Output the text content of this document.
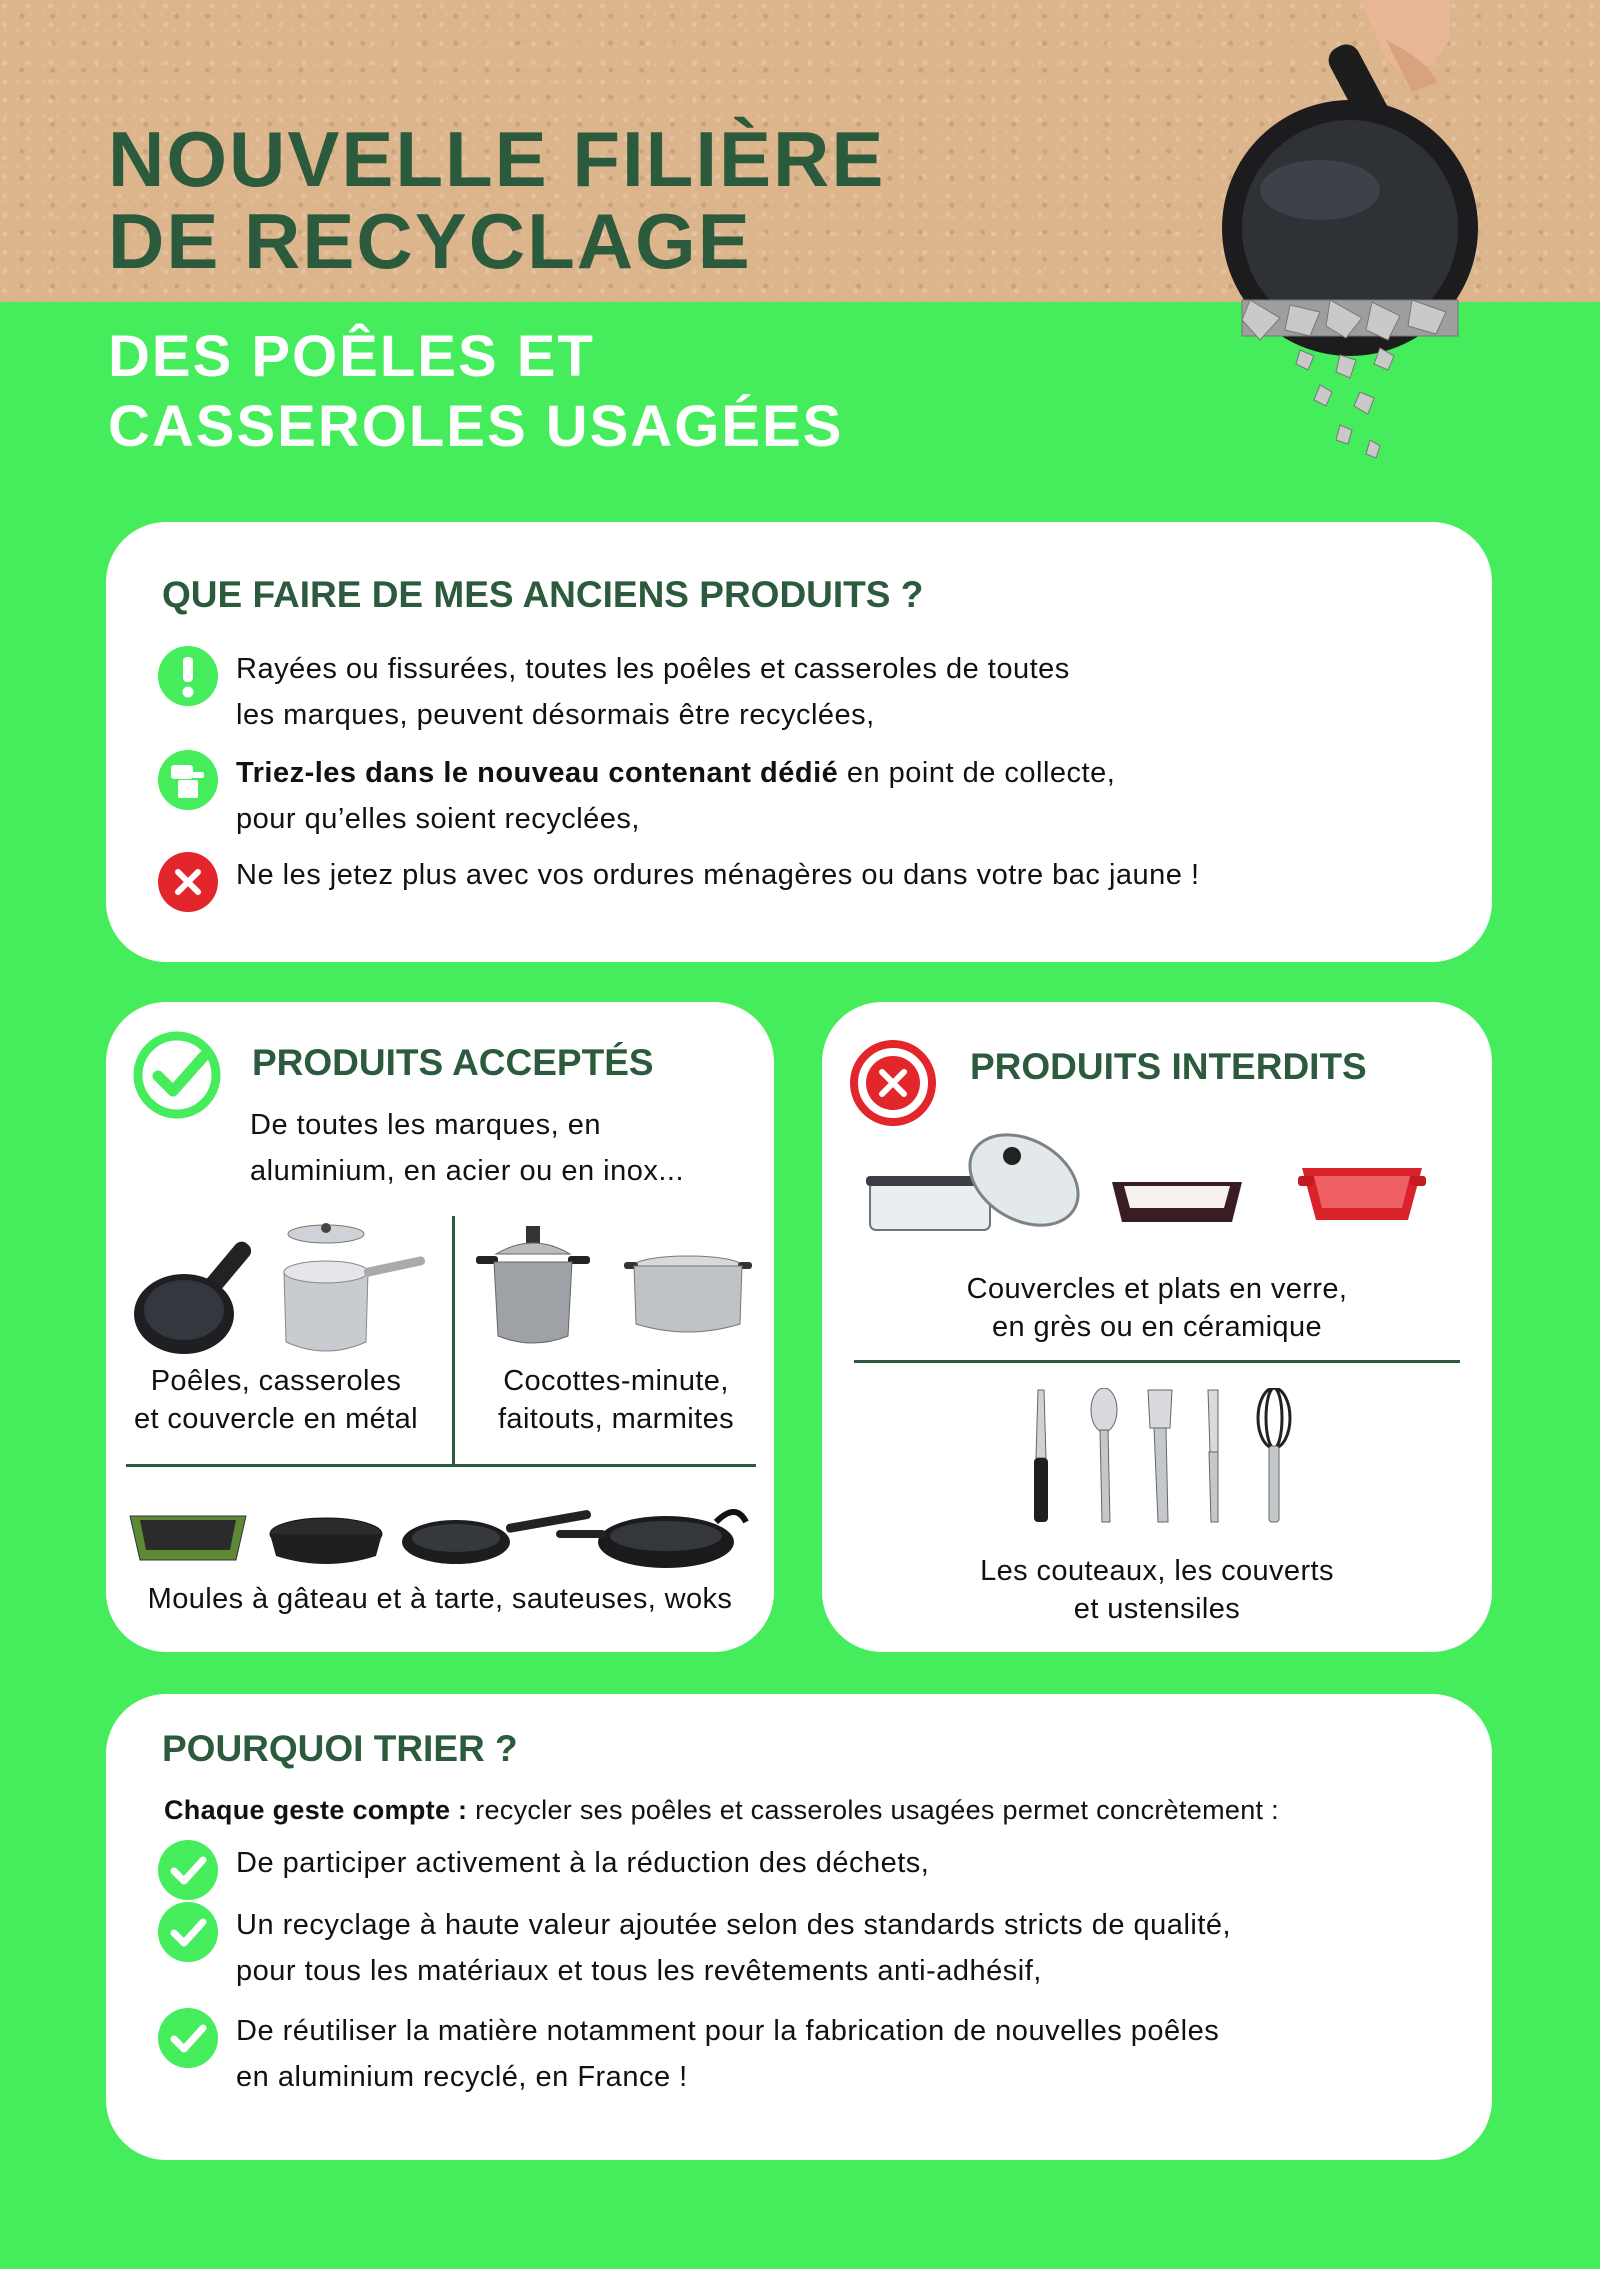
NOUVELLE FILIÈRE
DE RECYCLAGE
DES POÊLES ET
CASSEROLES USAGÉES
QUE FAIRE DE MES ANCIENS PRODUITS ?
Rayées ou fissurées, toutes les poêles et casseroles de toutes
les marques, peuvent désormais être recyclées,
Triez-les dans le nouveau contenant dédié en point de collecte,
pour qu’elles soient recyclées,
Ne les jetez plus avec vos ordures ménagères ou dans votre bac jaune !
PRODUITS ACCEPTÉS
De toutes les marques, en
aluminium, en acier ou en inox...
Poêles, casseroles
et couvercle en métal
Cocottes-minute,
faitouts, marmites
Moules à gâteau et à tarte, sauteuses, woks
PRODUITS INTERDITS
Couvercles et plats en verre,
en grès ou en céramique
Les couteaux, les couverts
et ustensiles
POURQUOI TRIER ?
Chaque geste compte : recycler ses poêles et casseroles usagées permet concrètement :
De participer activement à la réduction des déchets,
Un recyclage à haute valeur ajoutée selon des standards stricts de qualité,
pour tous les matériaux et tous les revêtements anti-adhésif,
De réutiliser la matière notamment pour la fabrication de nouvelles poêles
en aluminium recyclé, en France !
